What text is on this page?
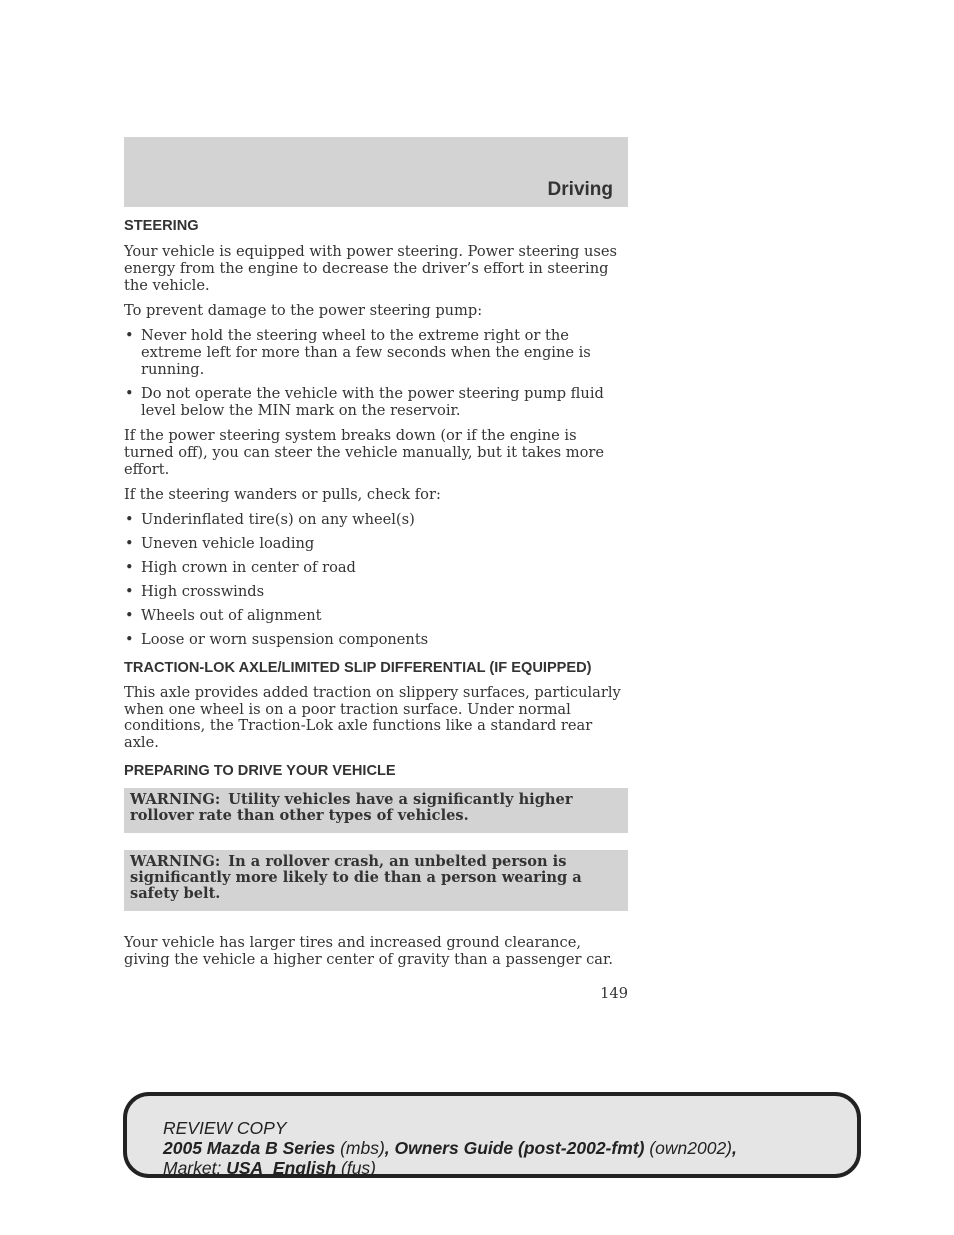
Driving
STEERING

Your vehicle is equipped with power steering. Power steering uses energy from the engine to decrease the driver’s effort in steering the vehicle.

To prevent damage to the power steering pump:

• Never hold the steering wheel to the extreme right or the extreme left for more than a few seconds when the engine is running.
• Do not operate the vehicle with the power steering pump fluid level below the MIN mark on the reservoir.

If the power steering system breaks down (or if the engine is turned off), you can steer the vehicle manually, but it takes more effort.

If the steering wanders or pulls, check for:

• Underinflated tire(s) on any wheel(s)
• Uneven vehicle loading
• High crown in center of road
• High crosswinds
• Wheels out of alignment
• Loose or worn suspension components
TRACTION-LOK AXLE/LIMITED SLIP DIFFERENTIAL (IF EQUIPPED)

This axle provides added traction on slippery surfaces, particularly when one wheel is on a poor traction surface. Under normal conditions, the Traction-Lok axle functions like a standard rear axle.

PREPARING TO DRIVE YOUR VEHICLE
WARNING: Utility vehicles have a significantly higher rollover rate than other types of vehicles.
WARNING: In a rollover crash, an unbelted person is significantly more likely to die than a person wearing a safety belt.

Your vehicle has larger tires and increased ground clearance, giving the vehicle a higher center of gravity than a passenger car.

149
REVIEW COPY
2005 Mazda B Series (mbs), Owners Guide (post-2002-fmt) (own2002),
Market: USA_English (fus)
